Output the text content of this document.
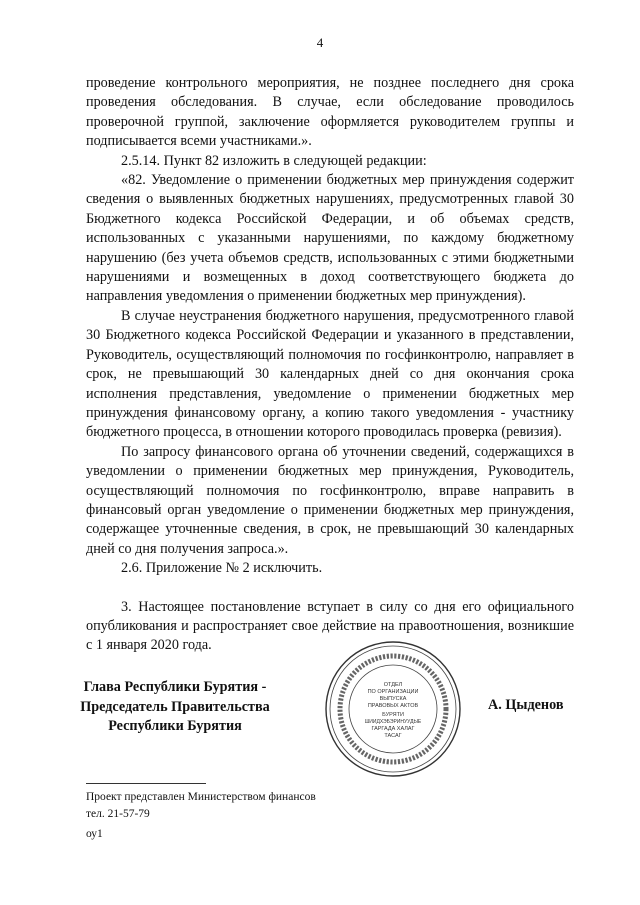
4

проведение контрольного мероприятия, не позднее последнего дня срока проведения обследования. В случае, если обследование проводилось проверочной группой, заключение оформляется руководителем группы и подписывается всеми участниками.».

2.5.14. Пункт 82 изложить в следующей редакции:

«82. Уведомление о применении бюджетных мер принуждения содержит сведения о выявленных бюджетных нарушениях, предусмотренных главой 30 Бюджетного кодекса Российской Федерации, и об объемах средств, использованных с указанными нарушениями, по каждому бюджетному нарушению (без учета объемов средств, использованных с этими бюджетными нарушениями и возмещенных в доход соответствующего бюджета до направления уведомления о применении бюджетных мер принуждения).

В случае неустранения бюджетного нарушения, предусмотренного главой 30 Бюджетного кодекса Российской Федерации и указанного в представлении, Руководитель, осуществляющий полномочия по госфинконтролю, направляет в срок, не превышающий 30 календарных дней со дня окончания срока исполнения представления, уведомление о применении бюджетных мер принуждения финансовому органу, а копию такого уведомления - участнику бюджетного процесса, в отношении которого проводилась проверка (ревизия).

По запросу финансового органа об уточнении сведений, содержащихся в уведомлении о применении бюджетных мер принуждения, Руководитель, осуществляющий полномочия по госфинконтролю, вправе направить в финансовый орган уведомление о применении бюджетных мер принуждения, содержащее уточненные сведения, в срок, не превышающий 30 календарных дней со дня получения запроса.».

2.6. Приложение № 2 исключить.

3. Настоящее постановление вступает в силу со дня его официального опубликования и распространяет свое действие на правоотношения, возникшие с 1 января 2020 года.

Глава Республики Бурятия -
Председатель Правительства
Республики Бурятия
ОТДЕЛ
ПО ОРГАНИЗАЦИИ
ВЫПУСКА
ПРАВОВЫХ АКТОВ
БУРЯТИ
ШИИДХЭБЭРИНУУДЫЕ
ГАРГАДА ХАЛАГ
ТАСАГ
А. Цыденов
Проект представлен Министерством финансов
тел. 21-57-79
оу1
